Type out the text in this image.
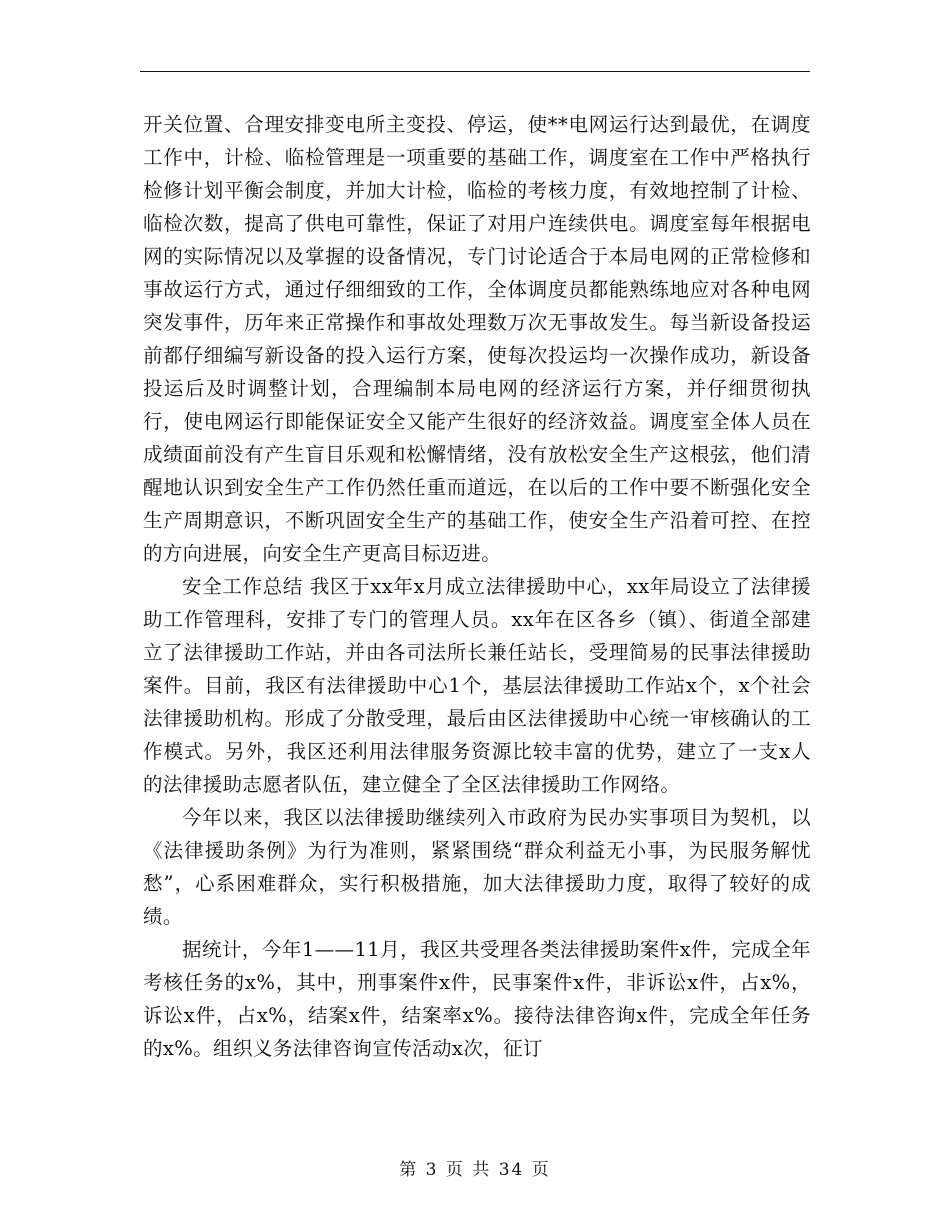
开关位置、合理安排变电所主变投、停运，使**电网运行达到最优，在调度工作中，计检、临检管理是一项重要的基础工作，调度室在工作中严格执行检修计划平衡会制度，并加大计检，临检的考核力度，有效地控制了计检、临检次数，提高了供电可靠性，保证了对用户连续供电。调度室每年根据电网的实际情况以及掌握的设备情况，专门讨论适合于本局电网的正常检修和事故运行方式，通过仔细细致的工作，全体调度员都能熟练地应对各种电网突发事件，历年来正常操作和事故处理数万次无事故发生。每当新设备投运前都仔细编写新设备的投入运行方案，使每次投运均一次操作成功，新设备投运后及时调整计划，合理编制本局电网的经济运行方案，并仔细贯彻执行，使电网运行即能保证安全又能产生很好的经济效益。调度室全体人员在成绩面前没有产生盲目乐观和松懈情绪，没有放松安全生产这根弦，他们清醒地认识到安全生产工作仍然任重而道远，在以后的工作中要不断强化安全生产周期意识，不断巩固安全生产的基础工作，使安全生产沿着可控、在控的方向进展，向安全生产更高目标迈进。

安全工作总结 我区于xx年x月成立法律援助中心，xx年局设立了法律援助工作管理科，安排了专门的管理人员。xx年在区各乡（镇）、街道全部建立了法律援助工作站，并由各司法所长兼任站长，受理简易的民事法律援助案件。目前，我区有法律援助中心1个，基层法律援助工作站x个，x个社会法律援助机构。形成了分散受理，最后由区法律援助中心统一审核确认的工作模式。另外，我区还利用法律服务资源比较丰富的优势，建立了一支x人的法律援助志愿者队伍，建立健全了全区法律援助工作网络。

今年以来，我区以法律援助继续列入市政府为民办实事项目为契机，以《法律援助条例》为行为准则，紧紧围绕“群众利益无小事，为民服务解忧愁”，心系困难群众，实行积极措施，加大法律援助力度，取得了较好的成绩。

据统计，今年1——11月，我区共受理各类法律援助案件x件，完成全年考核任务的x%，其中，刑事案件x件，民事案件x件，非诉讼x件，占x%，诉讼x件，占x%，结案x件，结案率x%。接待法律咨询x件，完成全年任务的x%。组织义务法律咨询宣传活动x次，征订

第 3 页 共 34 页
